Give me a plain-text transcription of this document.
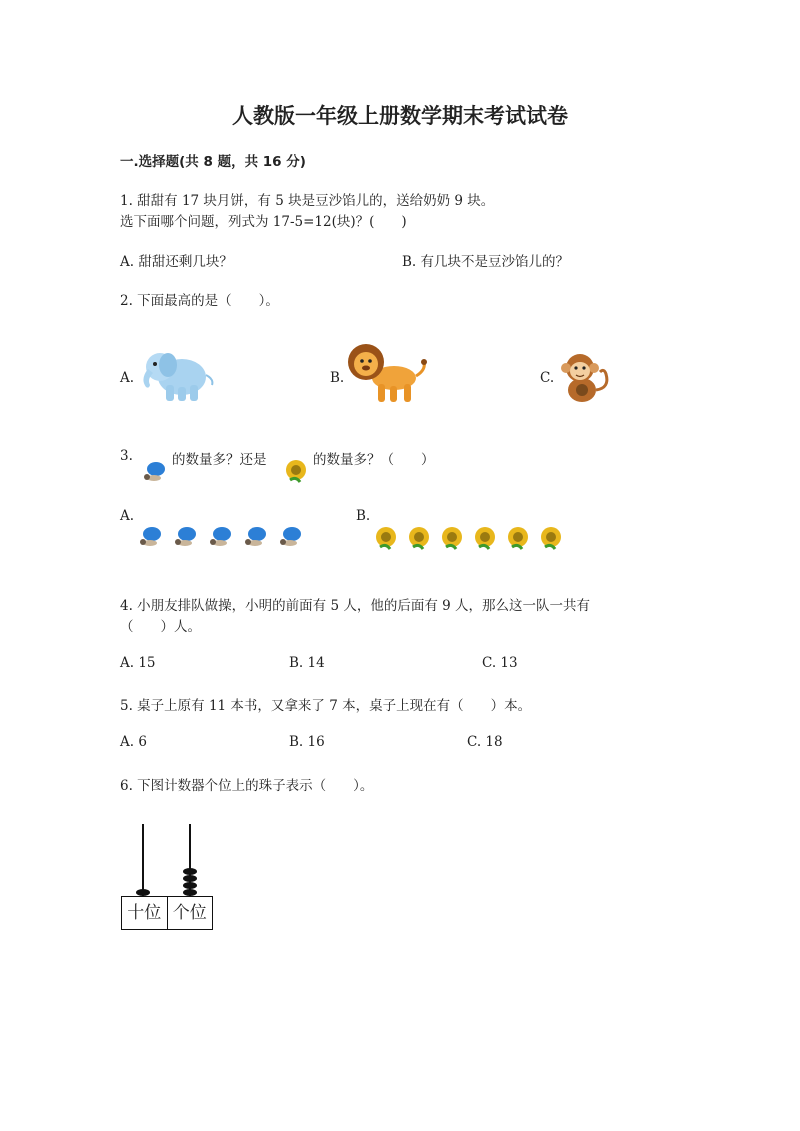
人教版一年级上册数学期末考试试卷
一.选择题(共 8 题，共 16 分)
1. 甜甜有 17 块月饼，有 5 块是豆沙馅儿的，送给奶奶 9 块。
选下面哪个问题，列式为 17-5=12(块)？(　　)
A. 甜甜还剩几块？	B. 有几块不是豆沙馅儿的？
2. 下面最高的是（　　）。
A.	B.	C.
3.	的数量多？还是	的数量多？（　　）
A.	B.
4. 小朋友排队做操，小明的前面有 5 人，他的后面有 9 人，那么这一队一共有
（　　）人。
A. 15	B. 14	C. 13
5. 桌子上原有 11 本书，又拿来了 7 本，桌子上现在有（　　）本。
A. 6	B. 16	C. 18
6. 下图计数器个位上的珠子表示（　　）。
十位 个位
